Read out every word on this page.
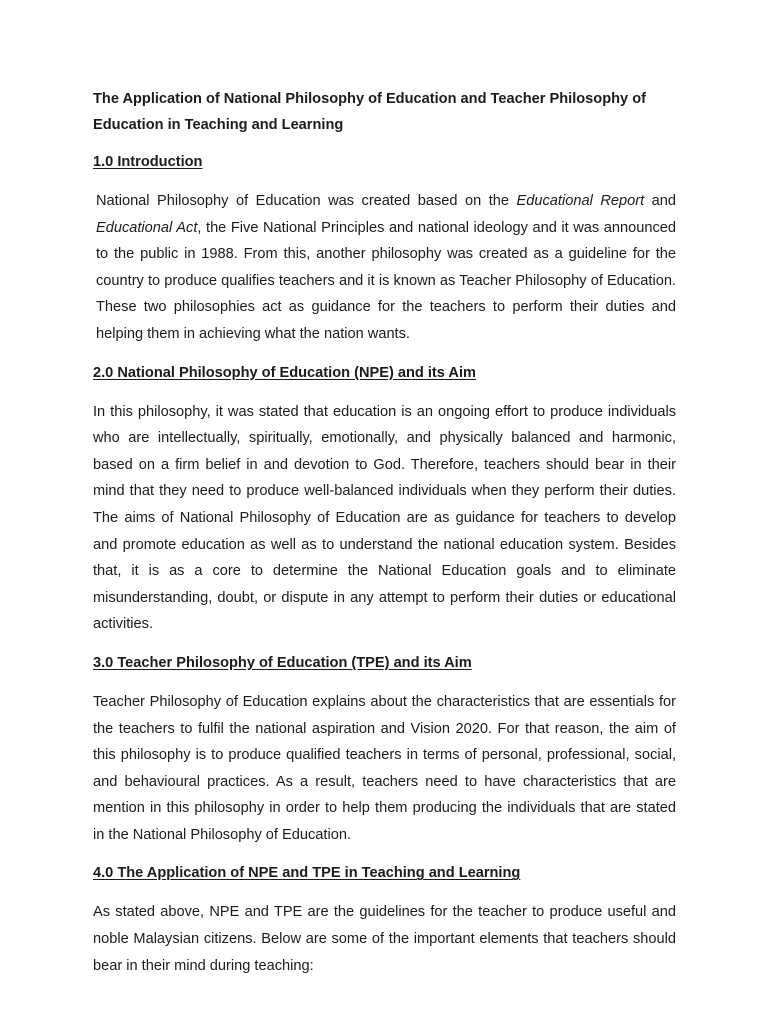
The Application of National Philosophy of Education and Teacher Philosophy of Education in Teaching and Learning
1.0 Introduction

National Philosophy of Education was created based on the Educational Report and Educational Act, the Five National Principles and national ideology and it was announced to the public in 1988. From this, another philosophy was created as a guideline for the country to produce qualifies teachers and it is known as Teacher Philosophy of Education. These two philosophies act as guidance for the teachers to perform their duties and helping them in achieving what the nation wants.

2.0 National Philosophy of Education (NPE) and its Aim

In this philosophy, it was stated that education is an ongoing effort to produce individuals who are intellectually, spiritually, emotionally, and physically balanced and harmonic, based on a firm belief in and devotion to God. Therefore, teachers should bear in their mind that they need to produce well-balanced individuals when they perform their duties. The aims of National Philosophy of Education are as guidance for teachers to develop and promote education as well as to understand the national education system. Besides that, it is as a core to determine the National Education goals and to eliminate misunderstanding, doubt, or dispute in any attempt to perform their duties or educational activities.

3.0 Teacher Philosophy of Education (TPE) and its Aim

Teacher Philosophy of Education explains about the characteristics that are essentials for the teachers to fulfil the national aspiration and Vision 2020. For that reason, the aim of this philosophy is to produce qualified teachers in terms of personal, professional, social, and behavioural practices. As a result, teachers need to have characteristics that are mention in this philosophy in order to help them producing the individuals that are stated in the National Philosophy of Education.

4.0 The Application of NPE and TPE in Teaching and Learning

As stated above, NPE and TPE are the guidelines for the teacher to produce useful and noble Malaysian citizens. Below are some of the important elements that teachers should bear in their mind during teaching:
